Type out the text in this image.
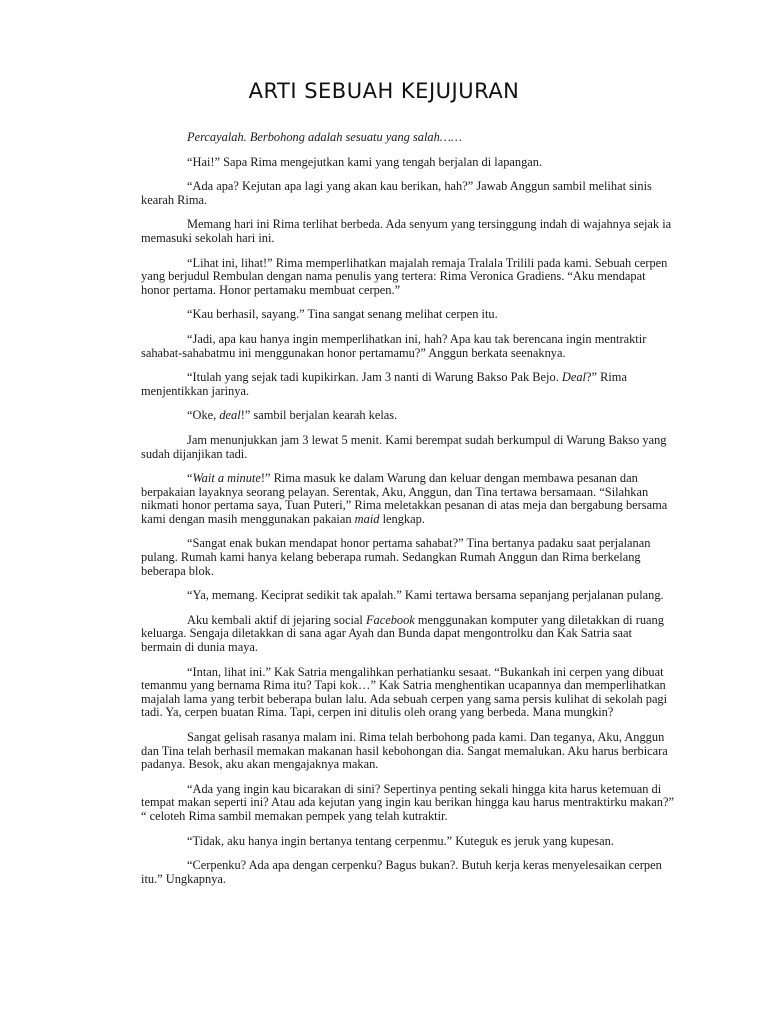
ARTI SEBUAH KEJUJURAN

Percayalah. Berbohong adalah sesuatu yang salah……

“Hai!” Sapa Rima mengejutkan kami yang tengah berjalan di lapangan.

“Ada apa? Kejutan apa lagi yang akan kau berikan, hah?” Jawab Anggun sambil melihat sinis kearah Rima.

Memang hari ini Rima terlihat berbeda. Ada senyum yang tersinggung indah di wajahnya sejak ia memasuki sekolah hari ini.

“Lihat ini, lihat!” Rima memperlihatkan majalah remaja Tralala Trilili pada kami. Sebuah cerpen yang berjudul Rembulan dengan nama penulis yang tertera: Rima Veronica Gradiens. “Aku mendapat honor pertama. Honor pertamaku membuat cerpen.”

“Kau berhasil, sayang.” Tina sangat senang melihat cerpen itu.

“Jadi, apa kau hanya ingin memperlihatkan ini, hah? Apa kau tak berencana ingin mentraktir sahabat-sahabatmu ini menggunakan honor pertamamu?” Anggun berkata seenaknya.

“Itulah yang sejak tadi kupikirkan. Jam 3 nanti di Warung Bakso Pak Bejo. Deal?” Rima menjentikkan jarinya.

“Oke, deal!” sambil berjalan kearah kelas.

Jam menunjukkan jam 3 lewat 5 menit. Kami berempat sudah berkumpul di Warung Bakso yang sudah dijanjikan tadi.

“Wait a minute!” Rima masuk ke dalam Warung dan keluar dengan membawa pesanan dan berpakaian layaknya seorang pelayan. Serentak, Aku, Anggun, dan Tina tertawa bersamaan. “Silahkan nikmati honor pertama saya, Tuan Puteri,” Rima meletakkan pesanan di atas meja dan bergabung bersama kami dengan masih menggunakan pakaian maid lengkap.

“Sangat enak bukan mendapat honor pertama sahabat?” Tina bertanya padaku saat perjalanan pulang. Rumah kami hanya kelang beberapa rumah. Sedangkan Rumah Anggun dan Rima berkelang beberapa blok.

“Ya, memang. Keciprat sedikit tak apalah.” Kami tertawa bersama sepanjang perjalanan pulang.

Aku kembali aktif di jejaring social Facebook menggunakan komputer yang diletakkan di ruang keluarga. Sengaja diletakkan di sana agar Ayah dan Bunda dapat mengontrolku dan Kak Satria saat bermain di dunia maya.

“Intan, lihat ini.” Kak Satria mengalihkan perhatianku sesaat. “Bukankah ini cerpen yang dibuat temanmu yang bernama Rima itu? Tapi kok…” Kak Satria menghentikan ucapannya dan memperlihatkan majalah lama yang terbit beberapa bulan lalu. Ada sebuah cerpen yang sama persis kulihat di sekolah pagi tadi. Ya, cerpen buatan Rima. Tapi, cerpen ini ditulis oleh orang yang berbeda. Mana mungkin?

Sangat gelisah rasanya malam ini. Rima telah berbohong pada kami. Dan teganya, Aku, Anggun dan Tina telah berhasil memakan makanan hasil kebohongan dia. Sangat memalukan. Aku harus berbicara padanya. Besok, aku akan mengajaknya makan.

“Ada yang ingin kau bicarakan di sini? Sepertinya penting sekali hingga kita harus ketemuan di tempat makan seperti ini? Atau ada kejutan yang ingin kau berikan hingga kau harus mentraktirku makan?” “ celoteh Rima sambil memakan pempek yang telah kutraktir.

“Tidak, aku hanya ingin bertanya tentang cerpenmu.” Kuteguk es jeruk yang kupesan.

“Cerpenku? Ada apa dengan cerpenku? Bagus bukan?. Butuh kerja keras menyelesaikan cerpen itu.” Ungkapnya.
